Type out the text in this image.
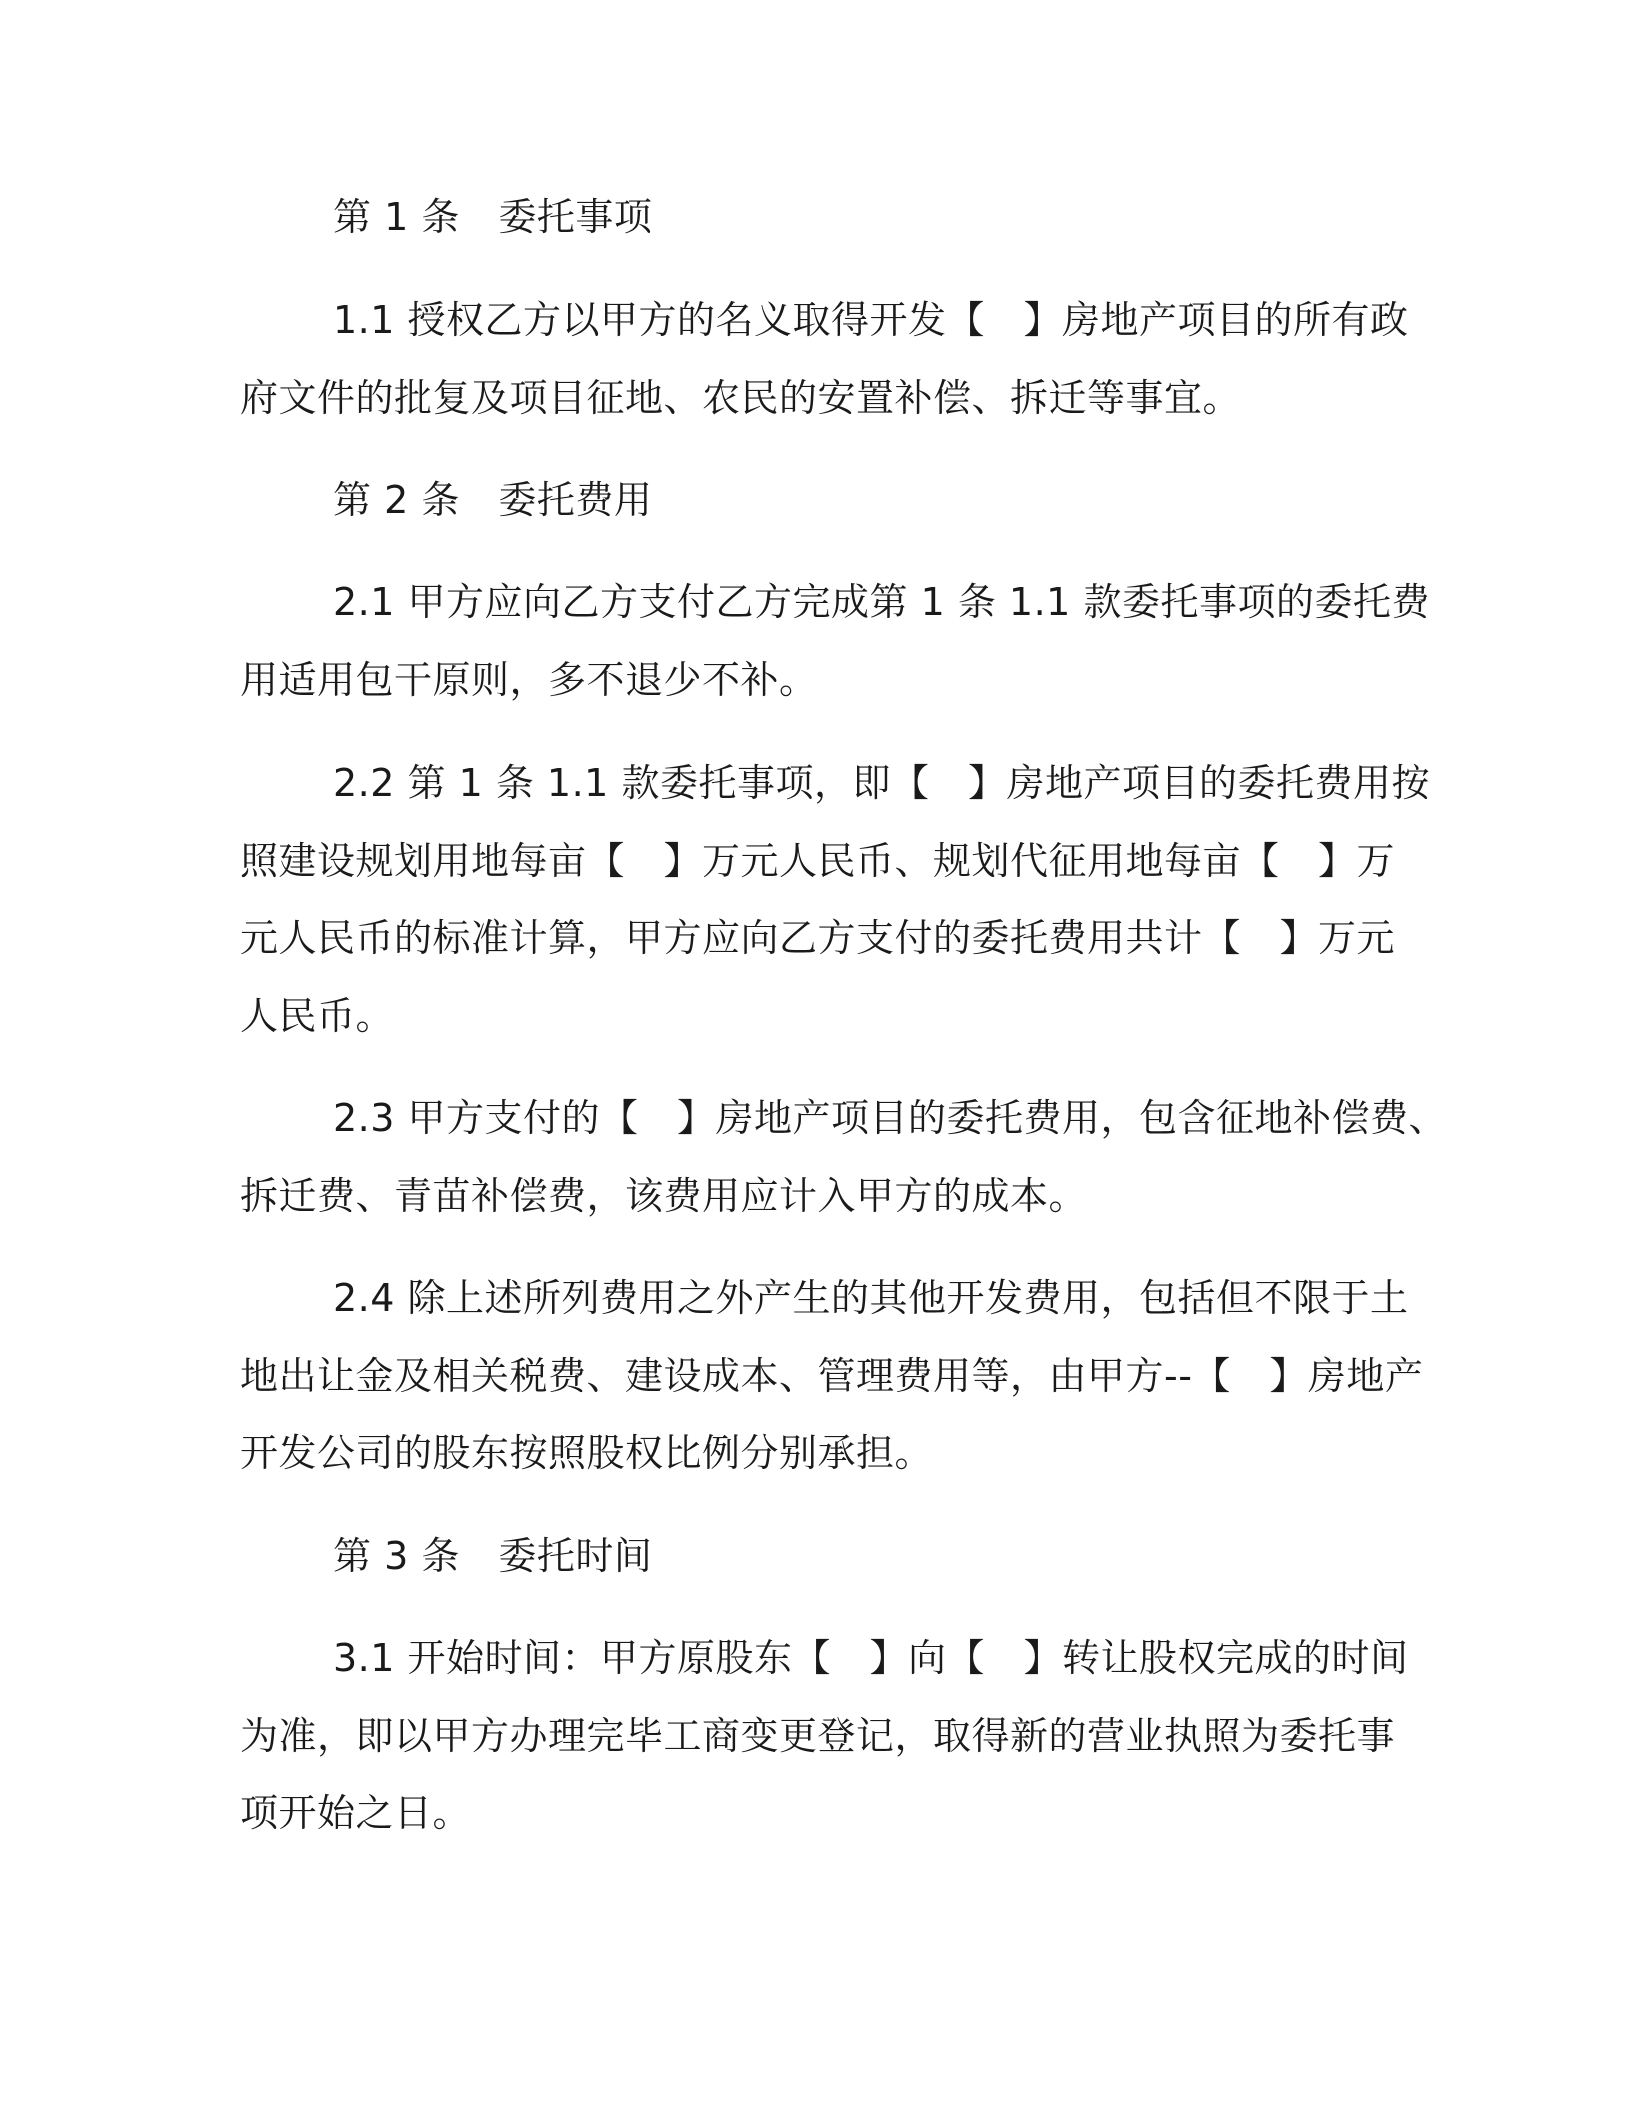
第 1 条　委托事项
1.1 授权乙方以甲方的名义取得开发【　】房地产项目的所有政
府文件的批复及项目征地、农民的安置补偿、拆迁等事宜。
第 2 条　委托费用
2.1 甲方应向乙方支付乙方完成第 1 条 1.1 款委托事项的委托费
用适用包干原则，多不退少不补。
2.2 第 1 条 1.1 款委托事项，即【　】房地产项目的委托费用按
照建设规划用地每亩【　】万元人民币、规划代征用地每亩【　】万
元人民币的标准计算，甲方应向乙方支付的委托费用共计【　】万元
人民币。
2.3 甲方支付的【　】房地产项目的委托费用，包含征地补偿费、
拆迁费、青苗补偿费，该费用应计入甲方的成本。
2.4 除上述所列费用之外产生的其他开发费用，包括但不限于土
地出让金及相关税费、建设成本、管理费用等，由甲方--【　】房地产
开发公司的股东按照股权比例分别承担。
第 3 条　委托时间
3.1 开始时间：甲方原股东【　】向【　】转让股权完成的时间
为准，即以甲方办理完毕工商变更登记，取得新的营业执照为委托事
项开始之日。
